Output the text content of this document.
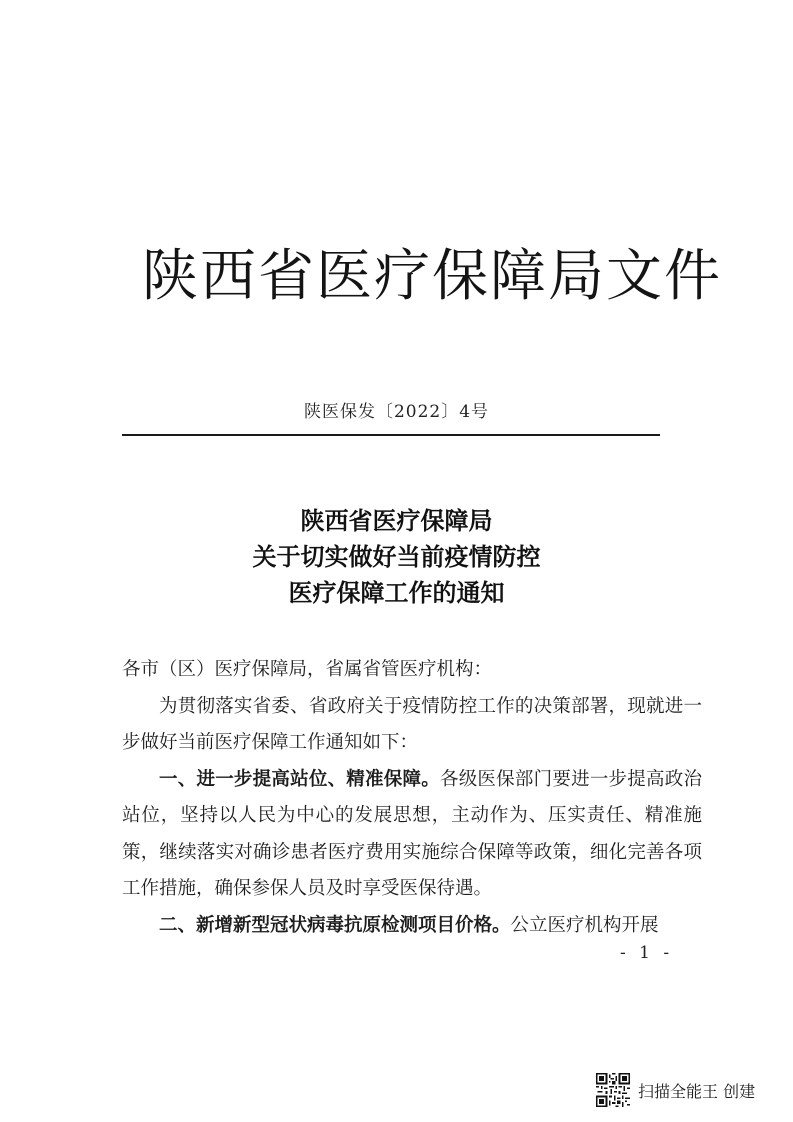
陕西省医疗保障局文件
陕医保发〔2022〕4号
陕西省医疗保障局
关于切实做好当前疫情防控
医疗保障工作的通知

各市（区）医疗保障局，省属省管医疗机构：

为贯彻落实省委、省政府关于疫情防控工作的决策部署，现就进一步做好当前医疗保障工作通知如下：

一、进一步提高站位、精准保障。各级医保部门要进一步提高政治站位，坚持以人民为中心的发展思想，主动作为、压实责任、精准施策，继续落实对确诊患者医疗费用实施综合保障等政策，细化完善各项工作措施，确保参保人员及时享受医保待遇。

二、新增新型冠状病毒抗原检测项目价格。公立医疗机构开展

- 1 -
扫描全能王 创建
